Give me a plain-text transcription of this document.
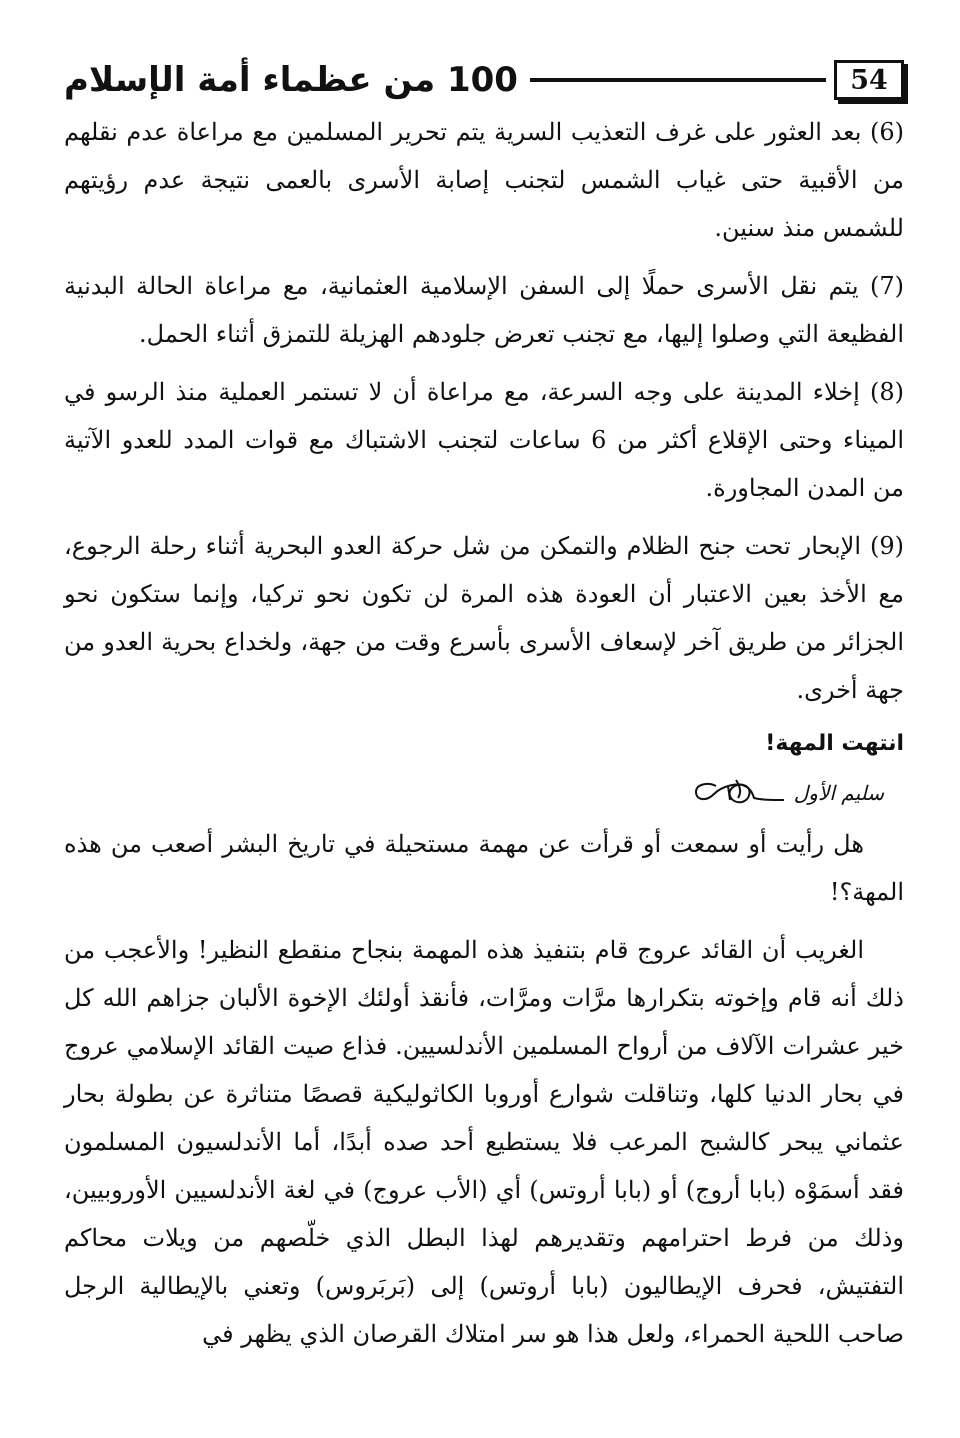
100 من عظماء أمة الإسلام	54

(6) بعد العثور على غرف التعذيب السرية يتم تحرير المسلمين مع مراعاة عدم نقلهم من الأقبية حتى غياب الشمس لتجنب إصابة الأسرى بالعمى نتيجة عدم رؤيتهم للشمس منذ سنين.

(7) يتم نقل الأسرى حملًا إلى السفن الإسلامية العثمانية، مع مراعاة الحالة البدنية الفظيعة التي وصلوا إليها، مع تجنب تعرض جلودهم الهزيلة للتمزق أثناء الحمل.

(8) إخلاء المدينة على وجه السرعة، مع مراعاة أن لا تستمر العملية منذ الرسو في الميناء وحتى الإقلاع أكثر من 6 ساعات لتجنب الاشتباك مع قوات المدد للعدو الآتية من المدن المجاورة.

(9) الإبحار تحت جنح الظلام والتمكن من شل حركة العدو البحرية أثناء رحلة الرجوع، مع الأخذ بعين الاعتبار أن العودة هذه المرة لن تكون نحو تركيا، وإنما ستكون نحو الجزائر من طريق آخر لإسعاف الأسرى بأسرع وقت من جهة، ولخداع بحرية العدو من جهة أخرى.

انتهت المهة!

سليم الأول

هل رأيت أو سمعت أو قرأت عن مهمة مستحيلة في تاريخ البشر أصعب من هذه المهة؟!

الغريب أن القائد عروج قام بتنفيذ هذه المهمة بنجاح منقطع النظير! والأعجب من ذلك أنه قام وإخوته بتكرارها مرَّات ومرَّات، فأنقذ أولئك الإخوة الألبان جزاهم الله كل خير عشرات الآلاف من أرواح المسلمين الأندلسيين. فذاع صيت القائد الإسلامي عروج في بحار الدنيا كلها، وتناقلت شوارع أوروبا الكاثوليكية قصصًا متناثرة عن بطولة بحار عثماني يبحر كالشبح المرعب فلا يستطيع أحد صده أبدًا، أما الأندلسيون المسلمون فقد أسمَوْه (بابا أروج) أو (بابا أروتس) أي (الأب عروج) في لغة الأندلسيين الأوروبيين، وذلك من فرط احترامهم وتقديرهم لهذا البطل الذي خلّصهم من ويلات محاكم التفتيش، فحرف الإيطاليون (بابا أروتس) إلى (بَربَروس) وتعني بالإيطالية الرجل صاحب اللحية الحمراء، ولعل هذا هو سر امتلاك القرصان الذي يظهر في
